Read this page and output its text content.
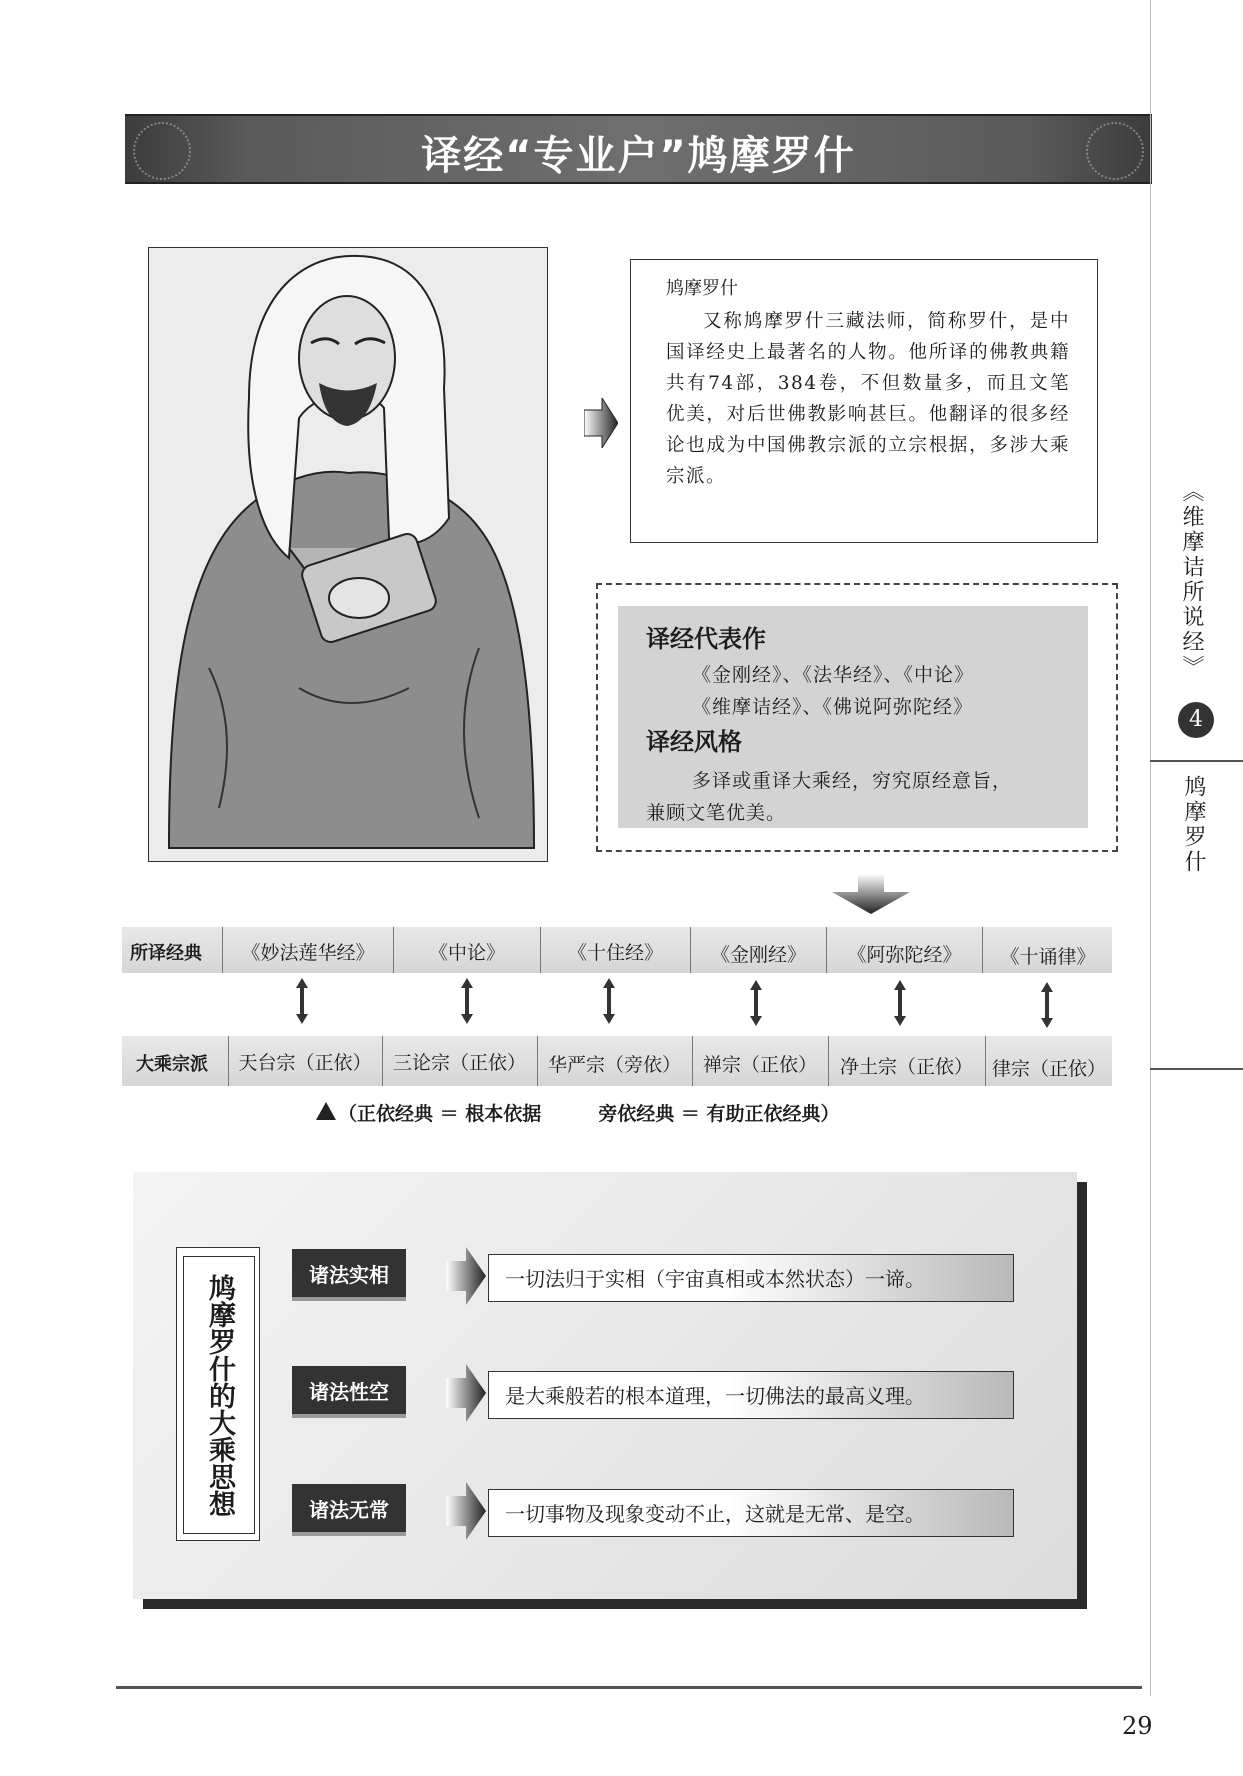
译经“专业户”鸠摩罗什
鸠摩罗什
又称鸠摩罗什三藏法师，简称罗什，是中国译经史上最著名的人物。他所译的佛教典籍共有74部，384卷，不但数量多，而且文笔优美，对后世佛教影响甚巨。他翻译的很多经论也成为中国佛教宗派的立宗根据，多涉大乘宗派。
译经代表作
《金刚经》、《法华经》、《中论》
《维摩诘经》、《佛说阿弥陀经》
译经风格
多译或重译大乘经，穷究原经意旨，
兼顾文笔优美。
所译经典	《妙法莲华经》	《中论》	《十住经》	《金刚经》	《阿弥陀经》	《十诵律》
大乘宗派	天台宗（正依）	三论宗（正依）	华严宗（旁依）	禅宗（正依）	净土宗（正依） 律宗（正依）
（正依经典 ＝ 根本依据　　　旁依经典 ＝ 有助正依经典）
鸠摩罗什的大乘思想	诸法实相	一切法归于实相（宇宙真相或本然状态）一谛。
诸法性空	是大乘般若的根本道理，一切佛法的最高义理。
诸法无常	一切事物及现象变动不止，这就是无常、是空。
《维摩诘所说经》
4
鸠摩罗什
29
